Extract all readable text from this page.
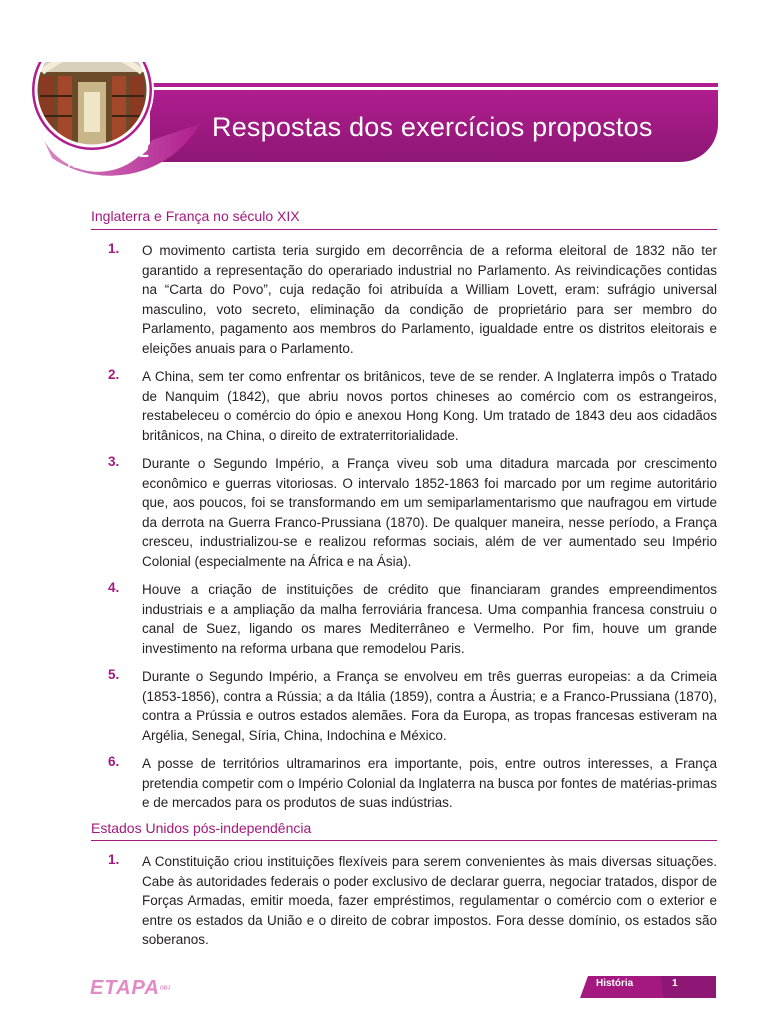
Respostas dos exercícios propostos
volume
2
Inglaterra e França no século XIX
1. O movimento cartista teria surgido em decorrência de a reforma eleitoral de 1832 não ter garantido a representação do operariado industrial no Parlamento. As reivindicações contidas na “Carta do Povo”, cuja redação foi atribuída a William Lovett, eram: sufrágio universal masculino, voto secreto, eliminação da condição de proprietário para ser membro do Parlamento, pagamento aos membros do Parlamento, igualdade entre os distritos eleitorais e eleições anuais para o Parlamento.
2. A China, sem ter como enfrentar os britânicos, teve de se render. A Inglaterra impôs o Tratado de Nanquim (1842), que abriu novos portos chineses ao comércio com os estrangeiros, restabeleceu o comércio do ópio e anexou Hong Kong. Um tratado de 1843 deu aos cidadãos britânicos, na China, o direito de extraterritorialidade.
3. Durante o Segundo Império, a França viveu sob uma ditadura marcada por crescimento econômico e guerras vitoriosas. O intervalo 1852-1863 foi marcado por um regime autoritário que, aos poucos, foi se transformando em um semiparlamentarismo que naufragou em virtude da derrota na Guerra Franco-Prussiana (1870). De qualquer maneira, nesse período, a França cresceu, industrializou-se e realizou reformas sociais, além de ver aumentado seu Império Colonial (especialmente na África e na Ásia).
4. Houve a criação de instituições de crédito que financiaram grandes empreendimentos industriais e a ampliação da malha ferroviária francesa. Uma companhia francesa construiu o canal de Suez, ligando os mares Mediterrâneo e Vermelho. Por fim, houve um grande investimento na reforma urbana que remodelou Paris.
5. Durante o Segundo Império, a França se envolveu em três guerras europeias: a da Crimeia (1853-1856), contra a Rússia; a da Itália (1859), contra a Áustria; e a Franco-Prussiana (1870), contra a Prússia e outros estados alemães. Fora da Europa, as tropas francesas estiveram na Argélia, Senegal, Síria, China, Indochina e México.
6. A posse de territórios ultramarinos era importante, pois, entre outros interesses, a França pretendia competir com o Império Colonial da Inglaterra na busca por fontes de matérias-primas e de mercados para os produtos de suas indústrias.
Estados Unidos pós-independência
1. A Constituição criou instituições flexíveis para serem convenientes às mais diversas situações. Cabe às autoridades federais o poder exclusivo de declarar guerra, negociar tratados, dispor de Forças Armadas, emitir moeda, fazer empréstimos, regulamentar o comércio com o exterior e entre os estados da União e o direito de cobrar impostos. Fora desse domínio, os estados são soberanos.
ETAPAOBJ	História	1
